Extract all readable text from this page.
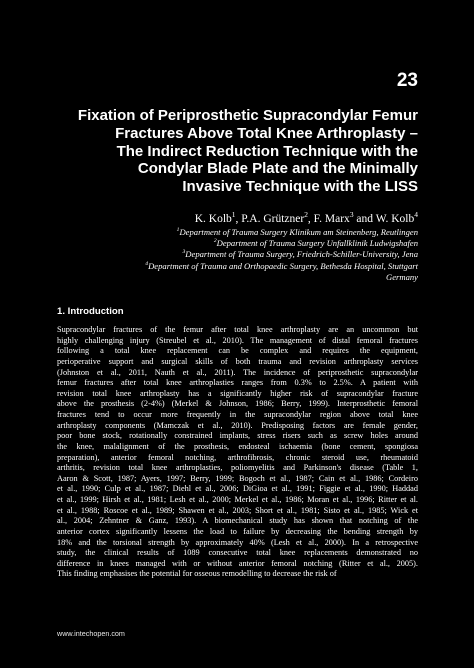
23
Fixation of Periprosthetic Supracondylar Femur
Fractures Above Total Knee Arthroplasty –
The Indirect Reduction Technique with the
Condylar Blade Plate and the Minimally
Invasive Technique with the LISS
K. Kolb$^1$, P.A. Grützner$^2$, F. Marx$^3$ and W. Kolb$^4$
$^1$Department of Trauma Surgery Klinikum am Steinenberg, Reutlingen
$^2$Department of Trauma Surgery Unfallklinik Ludwigshafen
$^3$Department of Trauma Surgery, Friedrich-Schiller-University, Jena
$^4$Department of Trauma and Orthopaedic Surgery, Bethesda Hospital, Stuttgart
Germany
1. Introduction
Supracondylar fractures of the femur after total knee arthroplasty are an uncommon but
highly challenging injury (Streubel et al., 2010). The management of distal femoral fractures
following a total knee replacement can be complex and requires the equipment,
perioperative support and surgical skills of both trauma and revision arthroplasty services
(Johnston et al., 2011, Nauth et al., 2011). The incidence of periprosthetic supracondylar
femur fractures after total knee arthroplasties ranges from 0.3% to 2.5%. A patient with
revision total knee arthroplasty has a significantly higher risk of supracondylar fracture
above the prosthesis (2-4%) (Merkel & Johnson, 1986; Berry, 1999). Interprosthetic femoral
fractures tend to occur more frequently in the supracondylar region above total knee
arthroplasty components (Mamczak et al., 2010). Predisposing factors are female gender,
poor bone stock, rotationally constrained implants, stress risers such as screw holes around
the knee, malalignment of the prosthesis, endosteal ischaemia (bone cement, spongiosa
preparation), anterior femoral notching, arthrofibrosis, chronic steroid use, rheumatoid
arthritis, revision total knee arthroplasties, poliomyelitis and Parkinson's disease (Table 1,
Aaron & Scott, 1987; Ayers, 1997; Berry, 1999; Bogoch et al., 1987; Cain et al., 1986; Cordeiro
et al., 1990; Culp et al., 1987; Diehl et al., 2006; DiGioa et al., 1991; Figgie et al., 1990; Haddad
et al., 1999; Hirsh et al., 1981; Lesh et al., 2000; Merkel et al., 1986; Moran et al., 1996; Ritter et al.
et al., 1988; Roscoe et al., 1989; Shawen et al., 2003; Short et al., 1981; Sisto et al., 1985; Wick et
al., 2004; Zehntner & Ganz, 1993). A biomechanical study has shown that notching of the
anterior cortex significantly lessens the load to failure by decreasing the bending strength by
18% and the torsional strength by approximately 40% (Lesh et al., 2000). In a retrospective
study, the clinical results of 1089 consecutive total knee replacements demonstrated no
difference in knees managed with or without anterior femoral notching (Ritter et al., 2005).
This finding emphasises the potential for osseous remodelling to decrease the risk of
www.intechopen.com
